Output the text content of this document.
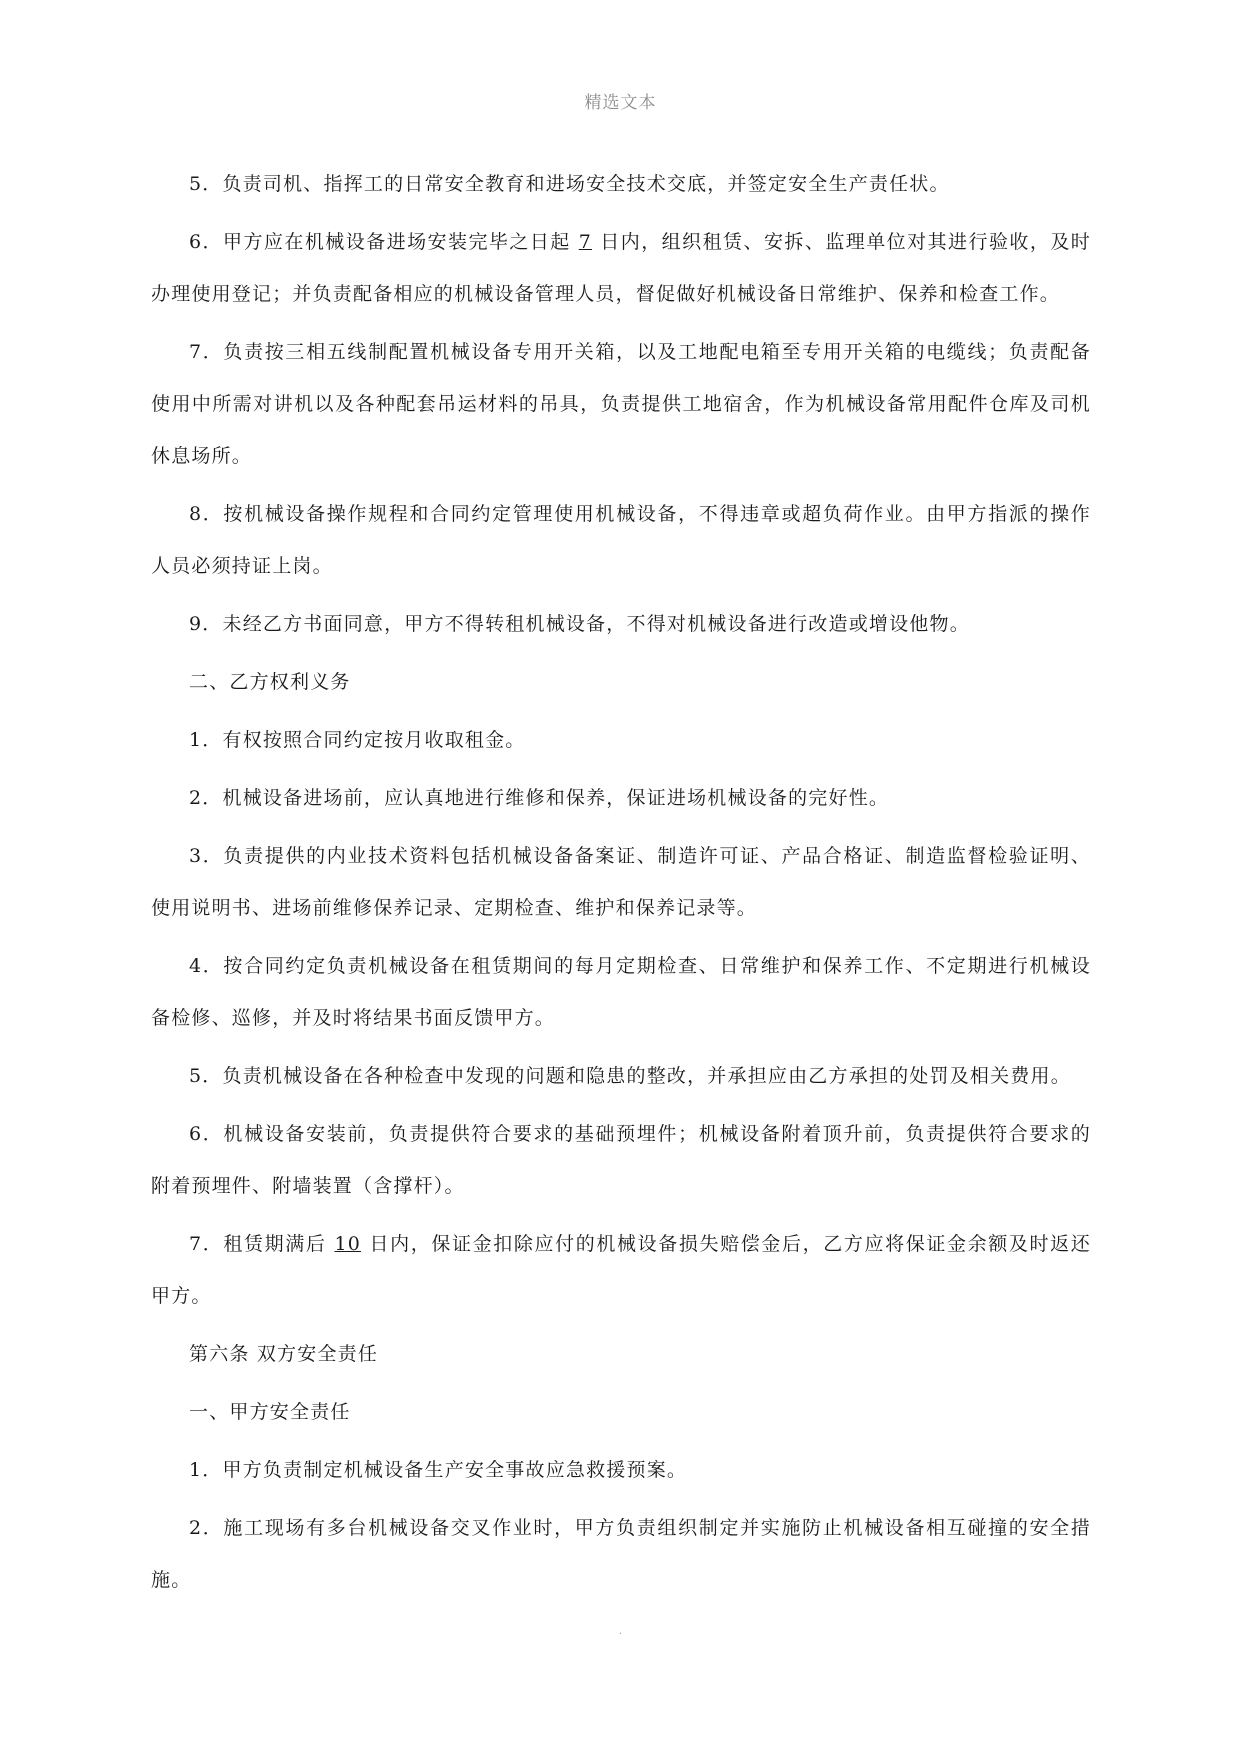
精选文本

5．负责司机、指挥工的日常安全教育和进场安全技术交底，并签定安全生产责任状。

6．甲方应在机械设备进场安装完毕之日起 7 日内，组织租赁、安拆、监理单位对其进行验收，及时办理使用登记；并负责配备相应的机械设备管理人员，督促做好机械设备日常维护、保养和检查工作。

7．负责按三相五线制配置机械设备专用开关箱，以及工地配电箱至专用开关箱的电缆线；负责配备使用中所需对讲机以及各种配套吊运材料的吊具，负责提供工地宿舍，作为机械设备常用配件仓库及司机休息场所。

8．按机械设备操作规程和合同约定管理使用机械设备，不得违章或超负荷作业。由甲方指派的操作人员必须持证上岗。

9．未经乙方书面同意，甲方不得转租机械设备，不得对机械设备进行改造或增设他物。

二、乙方权利义务

1．有权按照合同约定按月收取租金。

2．机械设备进场前，应认真地进行维修和保养，保证进场机械设备的完好性。

3．负责提供的内业技术资料包括机械设备备案证、制造许可证、产品合格证、制造监督检验证明、使用说明书、进场前维修保养记录、定期检查、维护和保养记录等。

4．按合同约定负责机械设备在租赁期间的每月定期检查、日常维护和保养工作、不定期进行机械设备检修、巡修，并及时将结果书面反馈甲方。

5．负责机械设备在各种检查中发现的问题和隐患的整改，并承担应由乙方承担的处罚及相关费用。

6．机械设备安装前，负责提供符合要求的基础预埋件；机械设备附着顶升前，负责提供符合要求的附着预埋件、附墙装置（含撑杆）。

7．租赁期满后 10 日内，保证金扣除应付的机械设备损失赔偿金后，乙方应将保证金余额及时返还甲方。

第六条 双方安全责任

一、甲方安全责任

1．甲方负责制定机械设备生产安全事故应急救援预案。

2．施工现场有多台机械设备交叉作业时，甲方负责组织制定并实施防止机械设备相互碰撞的安全措施。

.
